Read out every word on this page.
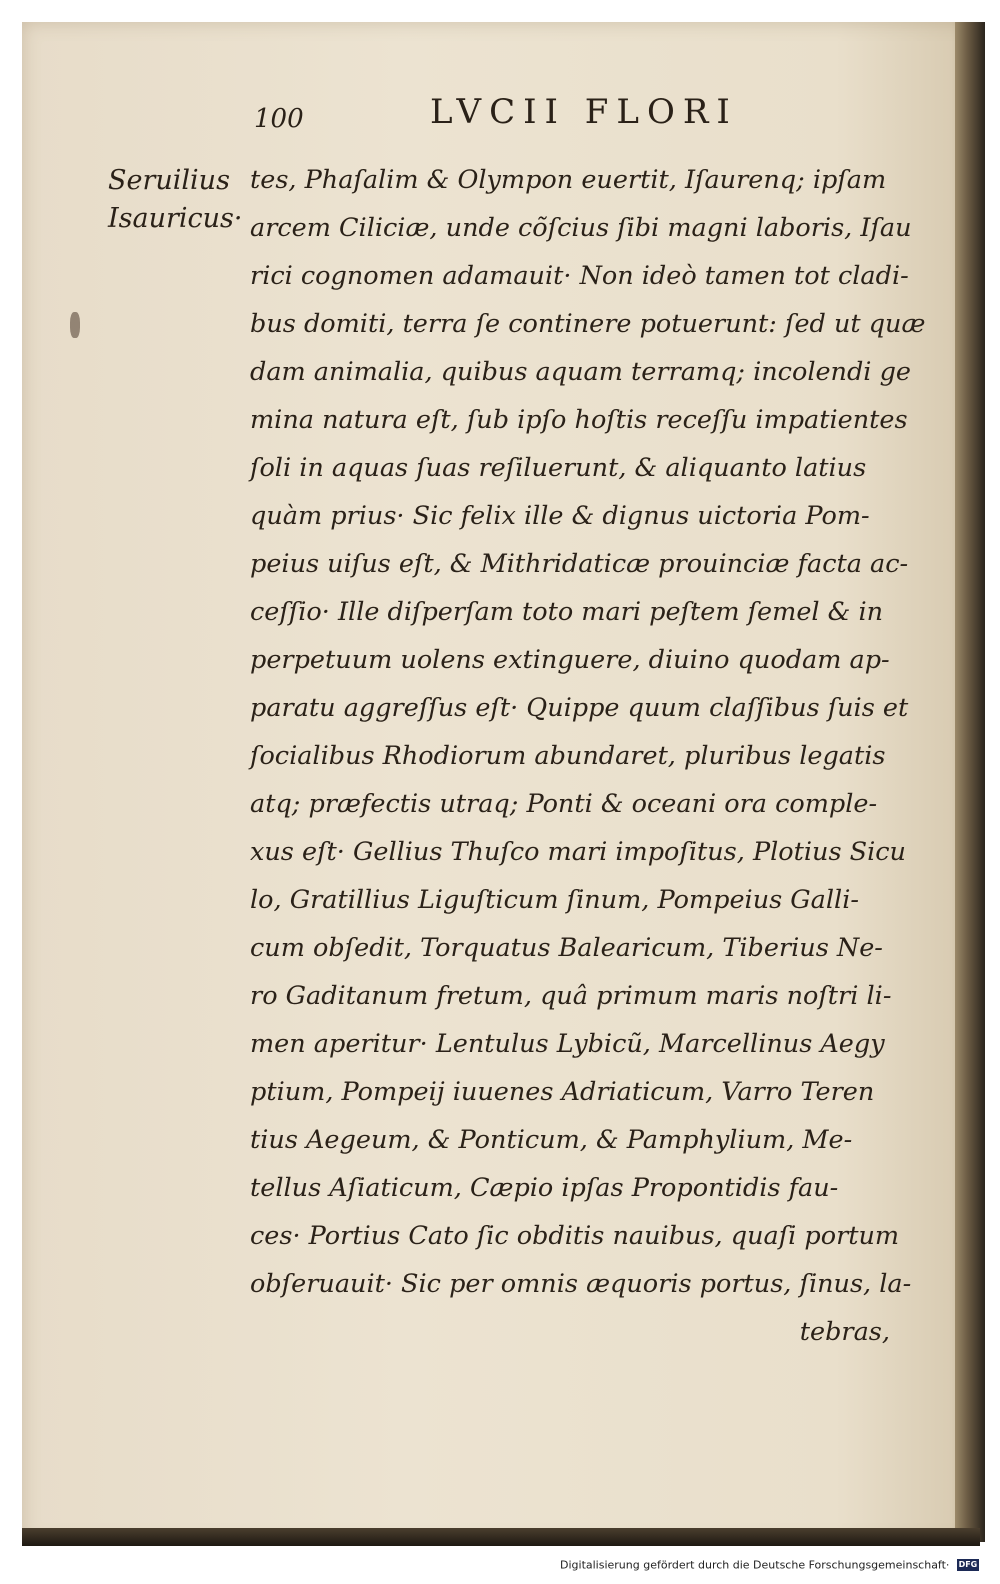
100	LVCII FLORI
Seruilius
Isauricus·
tes, Phaſalim & Olympon euertit, Iſaurenq; ipſam
arcem Ciliciæ, unde cõſcius ſibi magni laboris, Iſau
rici cognomen adamauit· Non ideò tamen tot cladi-
bus domiti, terra ſe continere potuerunt: ſed ut quæ
dam animalia, quibus aquam terramq; incolendi ge
mina natura eſt, ſub ipſo hoſtis receſſu impatientes
ſoli in aquas ſuas reſiluerunt, & aliquanto latius
quàm prius· Sic felix ille & dignus uictoria Pom-
peius uiſus eſt, & Mithridaticæ prouinciæ facta ac-
ceſſio· Ille diſperſam toto mari peſtem ſemel & in
perpetuum uolens extinguere, diuino quodam ap-
paratu aggreſſus eſt· Quippe quum claſſibus ſuis et
ſocialibus Rhodiorum abundaret, pluribus legatis
atq; præfectis utraq; Ponti & oceani ora comple-
xus eſt· Gellius Thuſco mari impoſitus, Plotius Sicu
lo, Gratillius Liguſticum ſinum, Pompeius Galli-
cum obſedit, Torquatus Balearicum, Tiberius Ne-
ro Gaditanum fretum, quâ primum maris noſtri li-
men aperitur· Lentulus Lybicũ, Marcellinus Aegy
ptium, Pompeij iuuenes Adriaticum, Varro Teren
tius Aegeum, & Ponticum, & Pamphylium, Me-
tellus Aſiaticum, Cæpio ipſas Propontidis fau-
ces· Portius Cato ſic obditis nauibus, quaſi portum
obſeruauit· Sic per omnis æquoris portus, ſinus, la-
tebras,
Digitalisierung gefördert durch die Deutsche Forschungsgemeinschaft· DFG
